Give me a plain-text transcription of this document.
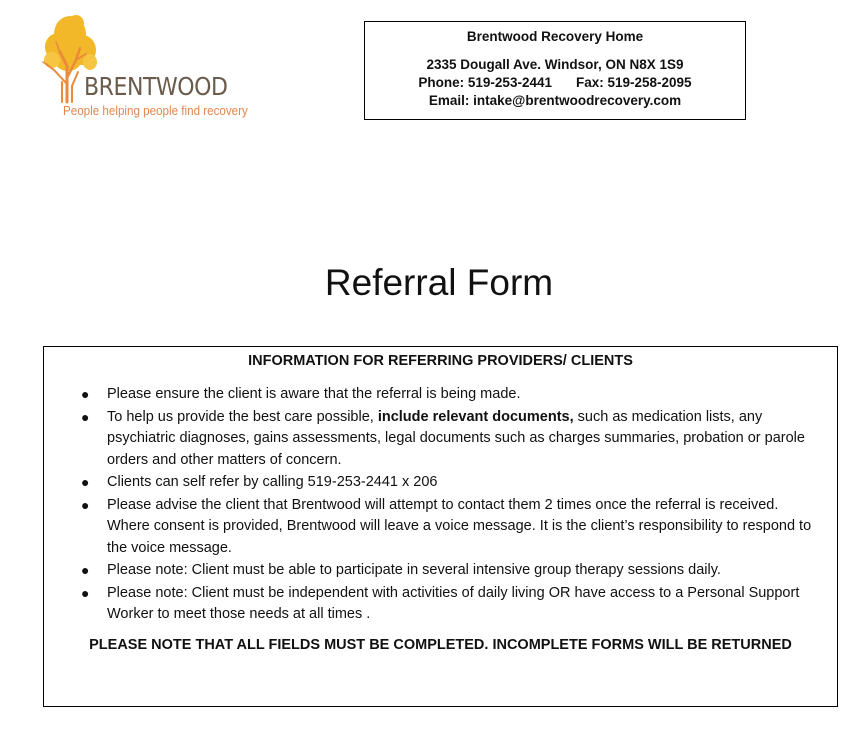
BRENTWOOD
People helping people find recovery
Brentwood Recovery Home
2335 Dougall Ave. Windsor, ON N8X 1S9
Phone: 519-253-2441 Fax: 519-258-2095
Email: intake@brentwoodrecovery.com
Referral Form
INFORMATION FOR REFERRING PROVIDERS/ CLIENTS
● Please ensure the client is aware that the referral is being made.
● To help us provide the best care possible, include relevant documents, such as medication lists, any psychiatric diagnoses, gains assessments, legal documents such as charges summaries, probation or parole orders and other matters of concern.
● Clients can self refer by calling 519-253-2441 x 206
● Please advise the client that Brentwood will attempt to contact them 2 times once the referral is received. Where consent is provided, Brentwood will leave a voice message. It is the client’s responsibility to respond to the voice message.
● Please note: Client must be able to participate in several intensive group therapy sessions daily.
● Please note: Client must be independent with activities of daily living OR have access to a Personal Support Worker to meet those needs at all times .
PLEASE NOTE THAT ALL FIELDS MUST BE COMPLETED. INCOMPLETE FORMS WILL BE RETURNED
